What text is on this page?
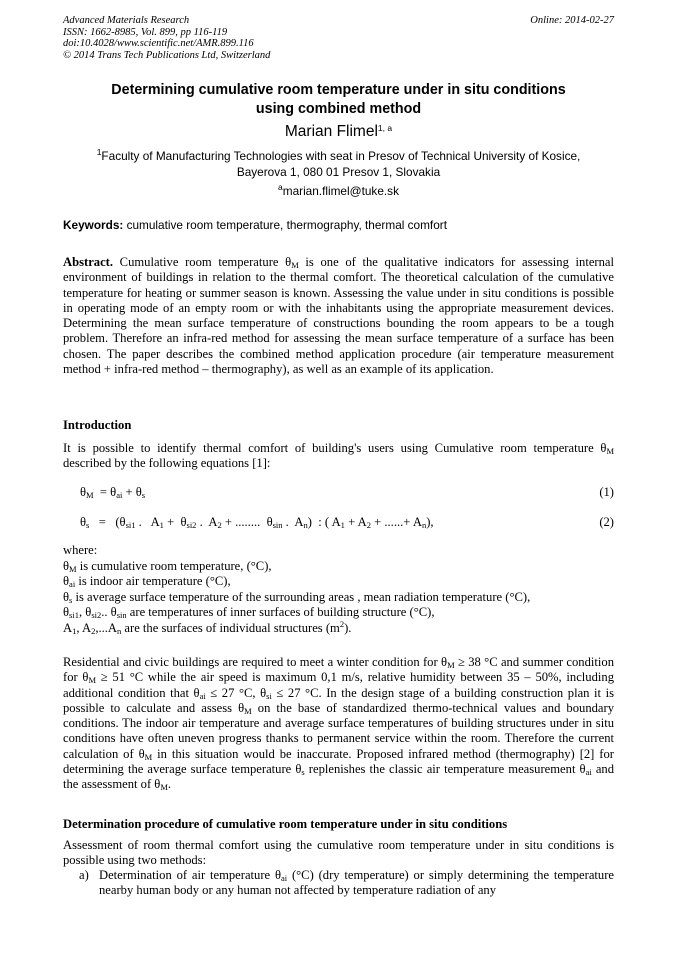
Advanced Materials Research
ISSN: 1662-8985, Vol. 899, pp 116-119
doi:10.4028/www.scientific.net/AMR.899.116
© 2014 Trans Tech Publications Ltd, Switzerland
Online: 2014-02-27
Determining cumulative room temperature under in situ conditions
using combined method
Marian Flimel$^{1, a}$
$^1$Faculty of Manufacturing Technologies with seat in Presov of Technical University of Kosice,
Bayerova 1, 080 01 Presov 1, Slovakia
$^a$marian.flimel@tuke.sk
Keywords: cumulative room temperature, thermography, thermal comfort
Abstract. Cumulative room temperature $\theta_M$ is one of the qualitative indicators for assessing internal environment of buildings in relation to the thermal comfort. The theoretical calculation of the cumulative temperature for heating or summer season is known. Assessing the value under in situ conditions is possible in operating mode of an empty room or with the inhabitants using the appropriate measurement devices. Determining the mean surface temperature of constructions bounding the room appears to be a tough problem. Therefore an infra-red method for assessing the mean surface temperature of a surface has been chosen. The paper describes the combined method application procedure (air temperature measurement method + infra-red method – thermography), as well as an example of its application.
Introduction
It is possible to identify thermal comfort of building's users using Cumulative room temperature $\theta_M$ described by the following equations [1]:
$\theta_M = \theta_{ai} + \theta_s$	(1)
$\theta_s = (\theta_{si1}$ .   $A_1 + \theta_{si2}$ .  $A_2$ + ........  $\theta_{sin}$ .  $A_n$)  : ( $A_1 + A_2$ + ......+ $A_n$),	(2)
where:
$\theta_M$ is cumulative room temperature, (°C),
$\theta_{ai}$ is indoor air temperature (°C),
$\theta_s$ is average surface temperature of the surrounding areas , mean radiation temperature (°C),
$\theta_{si1}$, $\theta_{si2}$.. $\theta_{sin}$ are temperatures of inner surfaces of building structure (°C),
$A_1$, $A_2,...A_n$ are the surfaces of individual structures $(m^2)$.
Residential and civic buildings are required to meet a winter condition for $\theta_M \ge 38$ °C and summer condition for $\theta_M \ge 51$ °C while the air speed is maximum 0,1 m/s, relative humidity between 35 – 50%, including additional condition that $\theta_{ai} \le 27$ °C, $\theta_{si} \le 27$ °C. In the design stage of a building construction plan it is possible to calculate and assess $\theta_M$ on the base of standardized thermo-technical values and boundary conditions. The indoor air temperature and average surface temperatures of building structures under in situ conditions have often uneven progress thanks to permanent service within the room. Therefore the current calculation of $\theta_M$ in this situation would be inaccurate. Proposed infrared method (thermography) [2] for determining the average surface temperature $\theta_s$ replenishes the classic air temperature measurement $\theta_{ai}$ and the assessment of $\theta_M$.
Determination procedure of cumulative room temperature under in situ conditions
Assessment of room thermal comfort using the cumulative room temperature under in situ conditions is possible using two methods:
a) Determination of air temperature $\theta_{ai}$ (°C) (dry temperature) or simply determining the temperature nearby human body or any human not affected by temperature radiation of any
